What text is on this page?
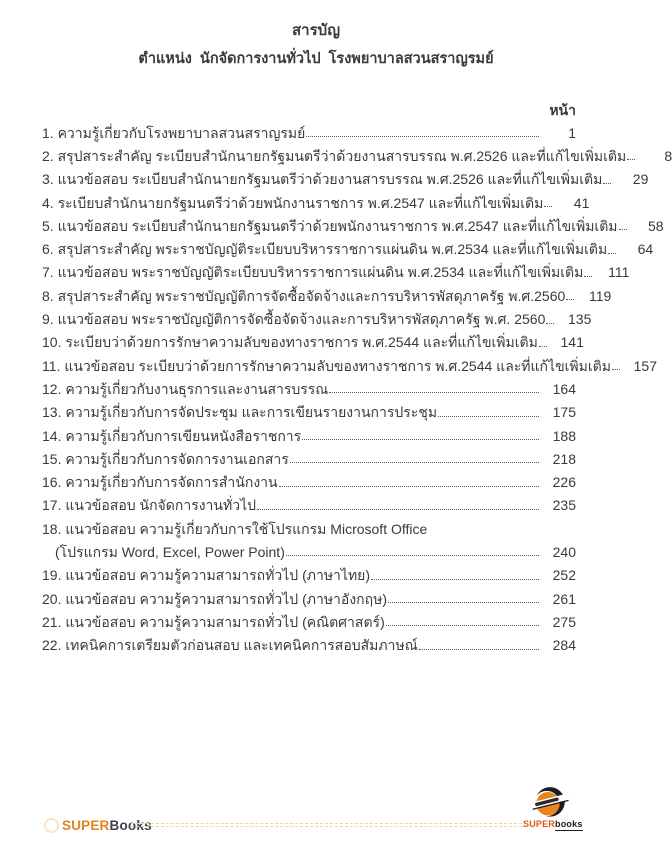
สารบัญ
ตำแหน่ง  นักจัดการงานทั่วไป  โรงพยาบาลสวนสราญรมย์
หน้า
1. ความรู้เกี่ยวกับโรงพยาบาลสวนสราญรมย์	1
2. สรุปสาระสำคัญ ระเบียบสำนักนายกรัฐมนตรีว่าด้วยงานสารบรรณ พ.ศ.2526 และที่แก้ไขเพิ่มเติม	8
3. แนวข้อสอบ ระเบียบสำนักนายกรัฐมนตรีว่าด้วยงานสารบรรณ พ.ศ.2526 และที่แก้ไขเพิ่มเติม	29
4. ระเบียบสำนักนายกรัฐมนตรีว่าด้วยพนักงานราชการ พ.ศ.2547 และที่แก้ไขเพิ่มเติม	41
5. แนวข้อสอบ ระเบียบสำนักนายกรัฐมนตรีว่าด้วยพนักงานราชการ พ.ศ.2547 และที่แก้ไขเพิ่มเติม	58
6. สรุปสาระสำคัญ พระราชบัญญัติระเบียบบริหารราชการแผ่นดิน พ.ศ.2534 และที่แก้ไขเพิ่มเติม	64
7. แนวข้อสอบ พระราชบัญญัติระเบียบบริหารราชการแผ่นดิน พ.ศ.2534 และที่แก้ไขเพิ่มเติม	111
8. สรุปสาระสำคัญ พระราชบัญญัติการจัดซื้อจัดจ้างและการบริหารพัสดุภาครัฐ พ.ศ.2560	119
9. แนวข้อสอบ พระราชบัญญัติการจัดซื้อจัดจ้างและการบริหารพัสดุภาครัฐ พ.ศ. 2560	135
10. ระเบียบว่าด้วยการรักษาความลับของทางราชการ พ.ศ.2544 และที่แก้ไขเพิ่มเติม	141
11. แนวข้อสอบ ระเบียบว่าด้วยการรักษาความลับของทางราชการ พ.ศ.2544 และที่แก้ไขเพิ่มเติม	157
12. ความรู้เกี่ยวกับงานธุรการและงานสารบรรณ	164
13. ความรู้เกี่ยวกับการจัดประชุม และการเขียนรายงานการประชุม	175
14. ความรู้เกี่ยวกับการเขียนหนังสือราชการ	188
15. ความรู้เกี่ยวกับการจัดการงานเอกสาร	218
16. ความรู้เกี่ยวกับการจัดการสำนักงาน	226
17. แนวข้อสอบ นักจัดการงานทั่วไป	235
18. แนวข้อสอบ ความรู้เกี่ยวกับการใช้โปรแกรม Microsoft Office
(โปรแกรม Word, Excel, Power Point)	240
19. แนวข้อสอบ ความรู้ความสามารถทั่วไป (ภาษาไทย)	252
20. แนวข้อสอบ ความรู้ความสามารถทั่วไป (ภาษาอังกฤษ)	261
21. แนวข้อสอบ ความรู้ความสามารถทั่วไป (คณิตศาสตร์)	275
22. เทคนิคการเตรียมตัวก่อนสอบ และเทคนิคการสอบสัมภาษณ์	284
SUPERBooks	SUPERbooks
